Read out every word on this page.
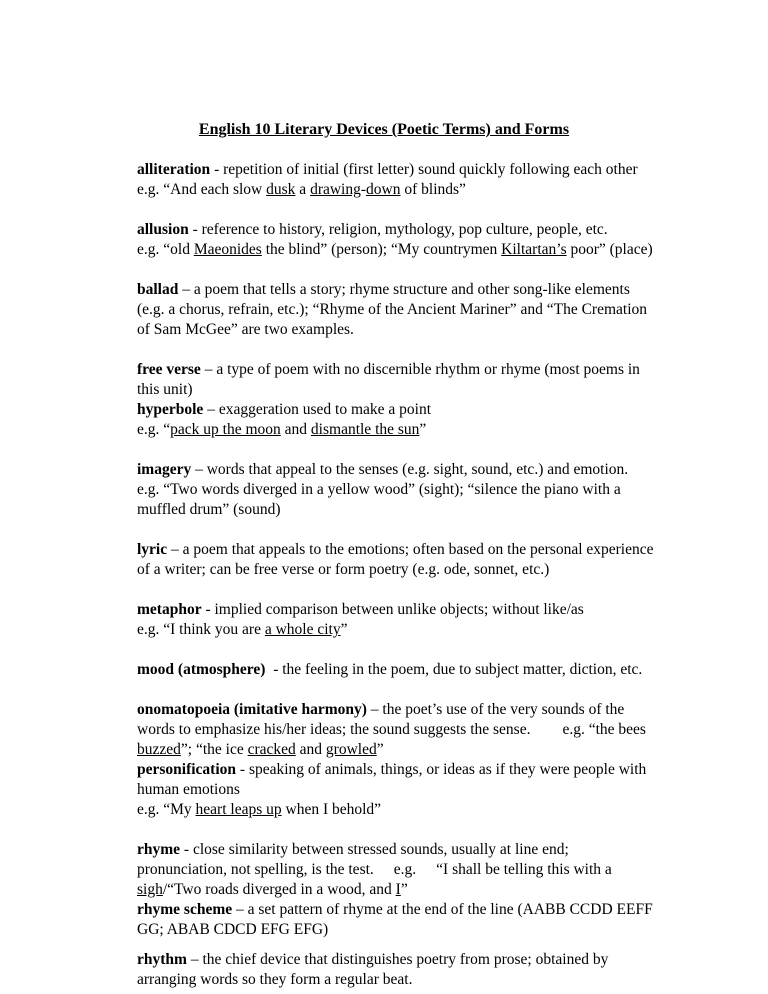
English 10 Literary Devices (Poetic Terms) and Forms
alliteration - repetition of initial (first letter) sound quickly following each other
e.g. “And each slow dusk a drawing-down of blinds”
allusion - reference to history, religion, mythology, pop culture, people, etc.
e.g. “old Maeonides the blind” (person); “My countrymen Kiltartan’s poor” (place)
ballad – a poem that tells a story; rhyme structure and other song-like elements (e.g. a chorus, refrain, etc.); “Rhyme of the Ancient Mariner” and “The Cremation of Sam McGee” are two examples.
free verse – a type of poem with no discernible rhythm or rhyme (most poems in this unit)
hyperbole – exaggeration used to make a point
e.g. “pack up the moon and dismantle the sun”
imagery – words that appeal to the senses (e.g. sight, sound, etc.) and emotion.
e.g. “Two words diverged in a yellow wood” (sight); “silence the piano with a muffled drum” (sound)
lyric – a poem that appeals to the emotions; often based on the personal experience of a writer; can be free verse or form poetry (e.g. ode, sonnet, etc.)
metaphor - implied comparison between unlike objects; without like/as
e.g. “I think you are a whole city”
mood (atmosphere)  - the feeling in the poem, due to subject matter, diction, etc.
onomatopoeia (imitative harmony) – the poet’s use of the very sounds of the words to emphasize his/her ideas; the sound suggests the sense. e.g. “the bees buzzed”; “the ice cracked and growled”
personification - speaking of animals, things, or ideas as if they were people with human emotions
e.g. “My heart leaps up when I behold”
rhyme - close similarity between stressed sounds, usually at line end; pronunciation, not spelling, is the test. e.g. “I shall be telling this with a sigh/“Two roads diverged in a wood, and I”
rhyme scheme – a set pattern of rhyme at the end of the line (AABB CCDD EEFF GG; ABAB CDCD EFG EFG)
rhythm – the chief device that distinguishes poetry from prose; obtained by arranging words so they form a regular beat.
